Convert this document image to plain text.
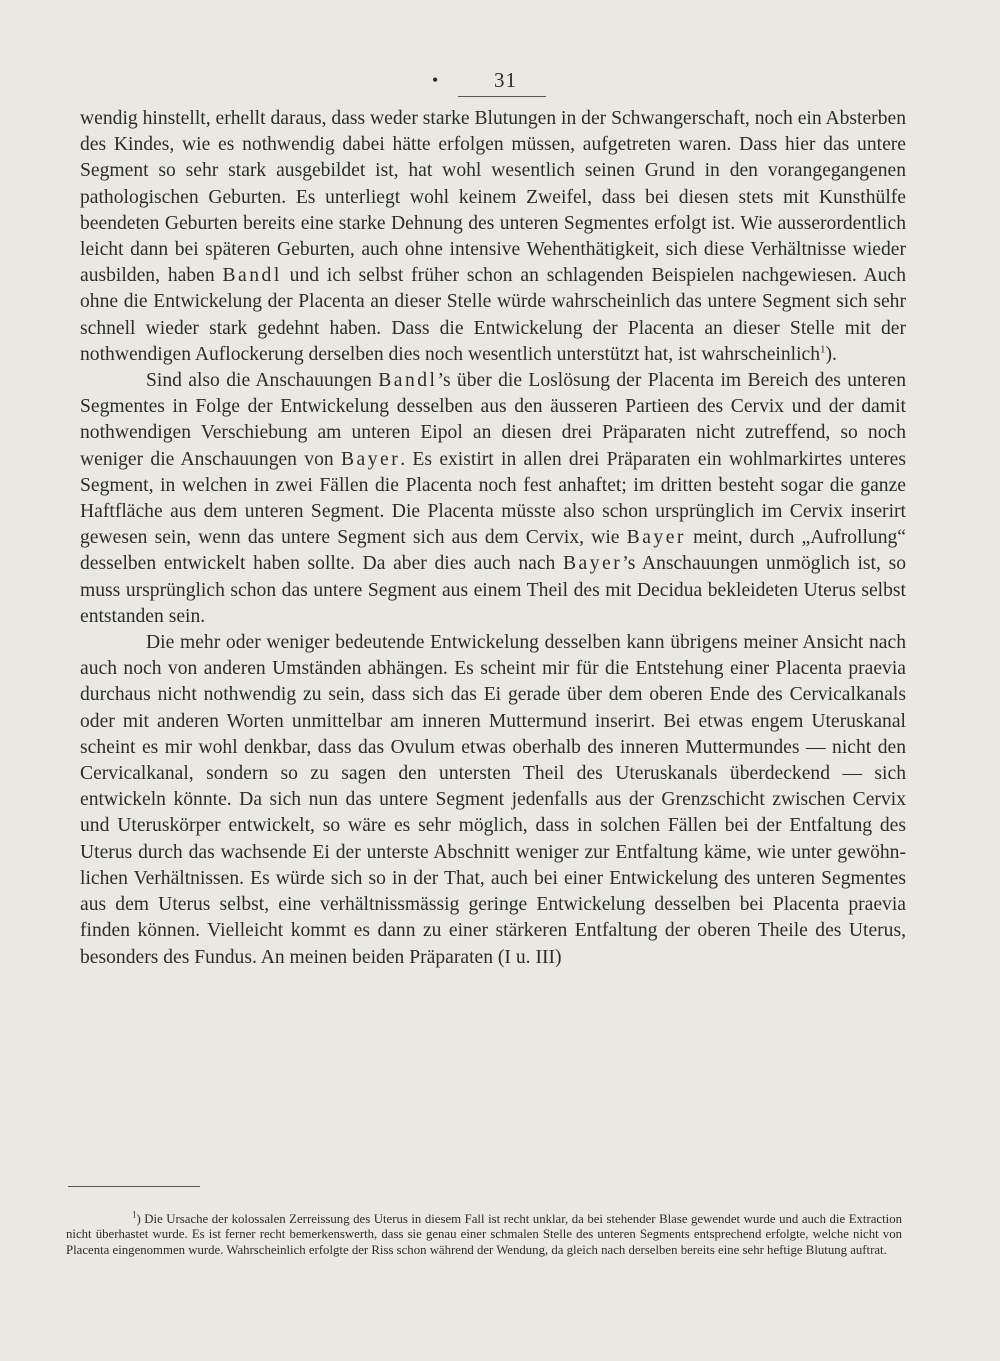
•	31

wendig hinstellt, erhellt daraus, dass weder starke Blutungen in der Schwangerschaft, noch ein Absterben des Kindes, wie es nothwendig dabei hätte erfolgen müssen, aufgetreten waren. Dass hier das untere Segment so sehr stark ausgebildet ist, hat wohl wesentlich seinen Grund in den vorangegangenen pathologischen Geburten. Es unterliegt wohl keinem Zweifel, dass bei diesen stets mit Kunsthülfe beendeten Geburten bereits eine starke Dehnung des unteren Segmentes erfolgt ist. Wie ausserordentlich leicht dann bei späteren Geburten, auch ohne intensive Wehenthätigkeit, sich diese Verhältnisse wieder ausbilden, haben Bandl und ich selbst früher schon an schlagenden Beispielen nachgewiesen. Auch ohne die Entwickelung der Placenta an dieser Stelle würde wahrscheinlich das untere Segment sich sehr schnell wieder stark gedehnt haben. Dass die Entwickelung der Placenta an dieser Stelle mit der nothwendigen Auflockerung derselben dies noch wesentlich unterstützt hat, ist wahrscheinlich$^1$).

Sind also die Anschauungen Bandl’s über die Loslösung der Placenta im Bereich des unteren Segmentes in Folge der Entwickelung desselben aus den äusseren Partieen des Cervix und der damit nothwendigen Verschiebung am unteren Eipol an diesen drei Präparaten nicht zutreffend, so noch weniger die Anschauungen von Bayer. Es existirt in allen drei Präparaten ein wohlmarkirtes unteres Segment, in welchen in zwei Fällen die Placenta noch fest anhaftet; im dritten besteht sogar die ganze Haftfläche aus dem unteren Segment. Die Placenta müsste also schon ursprünglich im Cervix inserirt gewesen sein, wenn das untere Segment sich aus dem Cervix, wie Bayer meint, durch „Aufrollung“ desselben entwickelt haben sollte. Da aber dies auch nach Bayer’s Anschauungen unmöglich ist, so muss ursprünglich schon das untere Segment aus einem Theil des mit Decidua bekleideten Uterus selbst entstanden sein.

Die mehr oder weniger bedeutende Entwickelung desselben kann übrigens meiner Ansicht nach auch noch von anderen Umständen abhängen. Es scheint mir für die Entstehung einer Placenta praevia durchaus nicht nothwendig zu sein, dass sich das Ei gerade über dem oberen Ende des Cervicalkanals oder mit anderen Worten unmittelbar am inneren Muttermund inserirt. Bei etwas engem Uteruskanal scheint es mir wohl denkbar, dass das Ovulum etwas oberhalb des inneren Muttermundes — nicht den Cervicalkanal, sondern so zu sagen den untersten Theil des Uteruskanals überdeckend — sich entwickeln könnte. Da sich nun das untere Segment jedenfalls aus der Grenzschicht zwischen Cervix und Uteruskörper entwickelt, so wäre es sehr möglich, dass in solchen Fällen bei der Entfaltung des Uterus durch das wachsende Ei der unterste Abschnitt weniger zur Entfaltung käme, wie unter gewöhnlichen Verhältnissen. Es würde sich so in der That, auch bei einer Entwickelung des unteren Segmentes aus dem Uterus selbst, eine verhältnissmässig geringe Entwickelung desselben bei Placenta praevia finden können. Vielleicht kommt es dann zu einer stärkeren Entfaltung der oberen Theile des Uterus, besonders des Fundus. An meinen beiden Präparaten (I u. III)

$^1$) Die Ursache der kolossalen Zerreissung des Uterus in diesem Fall ist recht unklar, da bei stehender Blase gewendet wurde und auch die Extraction nicht überhastet wurde. Es ist ferner recht bemerkenswerth, dass sie genau einer schmalen Stelle des unteren Segments entsprechend erfolgte, welche nicht von Placenta eingenommen wurde. Wahrscheinlich erfolgte der Riss schon während der Wendung, da gleich nach derselben bereits eine sehr heftige Blutung auftrat.
